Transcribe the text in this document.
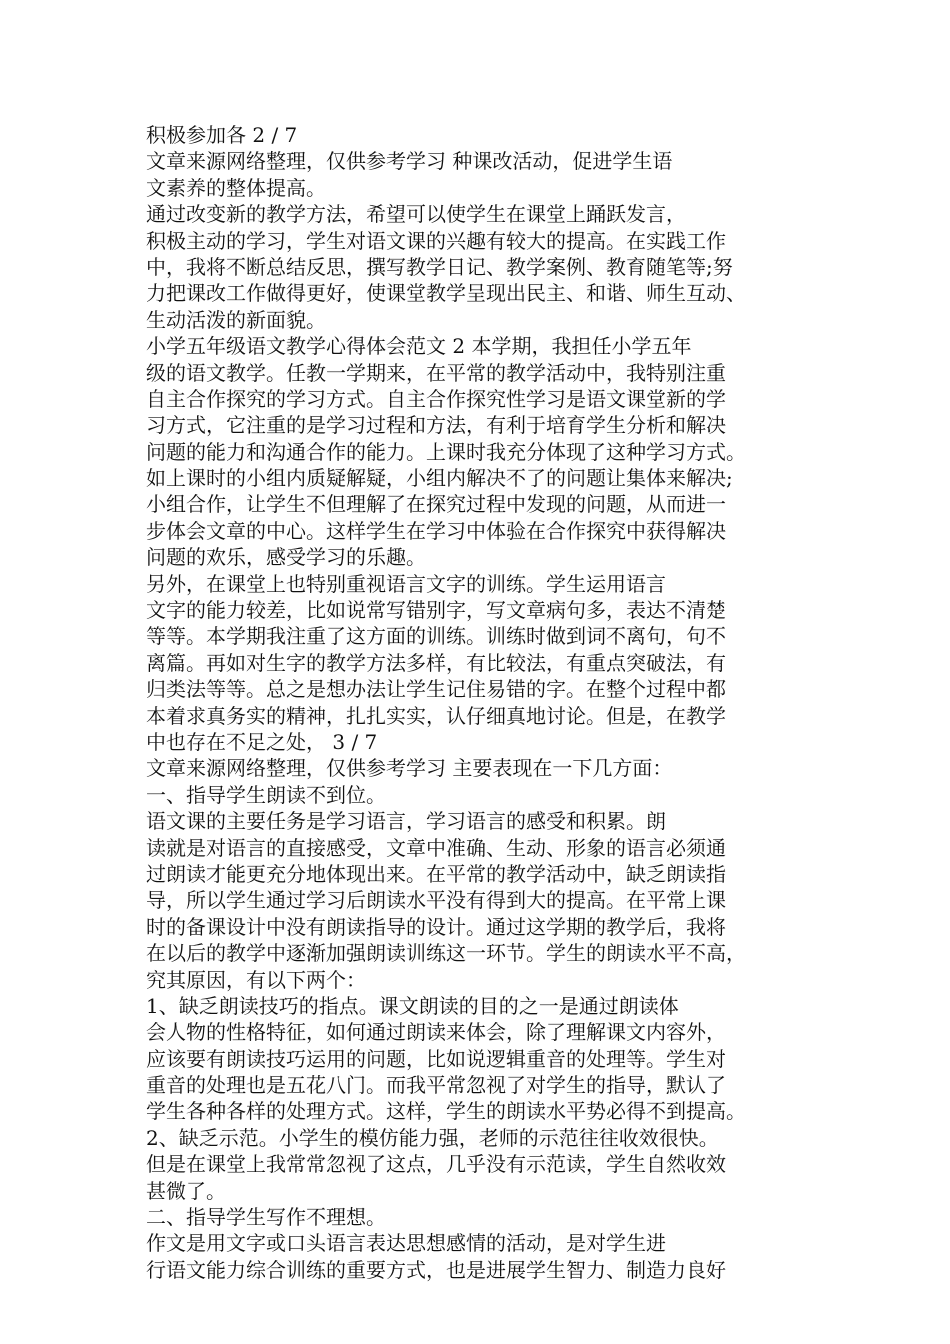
积极参加各 2 / 7
文章来源网络整理，仅供参考学习 种课改活动，促进学生语
文素养的整体提高。
通过改变新的教学方法，希望可以使学生在课堂上踊跃发言，
积极主动的学习，学生对语文课的兴趣有较大的提高。在实践工作
中，我将不断总结反思，撰写教学日记、教学案例、教育随笔等;努
力把课改工作做得更好，使课堂教学呈现出民主、和谐、师生互动、
生动活泼的新面貌。
小学五年级语文教学心得体会范文 2 本学期，我担任小学五年
级的语文教学。任教一学期来，在平常的教学活动中，我特别注重
自主合作探究的学习方式。自主合作探究性学习是语文课堂新的学
习方式，它注重的是学习过程和方法，有利于培育学生分析和解决
问题的能力和沟通合作的能力。上课时我充分体现了这种学习方式。
如上课时的小组内质疑解疑，小组内解决不了的问题让集体来解决;
小组合作，让学生不但理解了在探究过程中发现的问题，从而进一
步体会文章的中心。这样学生在学习中体验在合作探究中获得解决
问题的欢乐，感受学习的乐趣。
另外，在课堂上也特别重视语言文字的训练。学生运用语言
文字的能力较差，比如说常写错别字，写文章病句多，表达不清楚
等等。本学期我注重了这方面的训练。训练时做到词不离句，句不
离篇。再如对生字的教学方法多样，有比较法，有重点突破法，有
归类法等等。总之是想办法让学生记住易错的字。在整个过程中都
本着求真务实的精神，扎扎实实，认仔细真地讨论。但是，在教学
中也存在不足之处， 3 / 7
文章来源网络整理，仅供参考学习 主要表现在一下几方面：
一、指导学生朗读不到位。
语文课的主要任务是学习语言，学习语言的感受和积累。朗
读就是对语言的直接感受，文章中准确、生动、形象的语言必须通
过朗读才能更充分地体现出来。在平常的教学活动中，缺乏朗读指
导，所以学生通过学习后朗读水平没有得到大的提高。在平常上课
时的备课设计中没有朗读指导的设计。通过这学期的教学后，我将
在以后的教学中逐渐加强朗读训练这一环节。学生的朗读水平不高，
究其原因，有以下两个：
1、缺乏朗读技巧的指点。课文朗读的目的之一是通过朗读体
会人物的性格特征，如何通过朗读来体会，除了理解课文内容外，
应该要有朗读技巧运用的问题，比如说逻辑重音的处理等。学生对
重音的处理也是五花八门。而我平常忽视了对学生的指导，默认了
学生各种各样的处理方式。这样，学生的朗读水平势必得不到提高。
2、缺乏示范。小学生的模仿能力强，老师的示范往往收效很快。
但是在课堂上我常常忽视了这点，几乎没有示范读，学生自然收效
甚微了。
二、指导学生写作不理想。
作文是用文字或口头语言表达思想感情的活动，是对学生进
行语文能力综合训练的重要方式，也是进展学生智力、制造力良好
